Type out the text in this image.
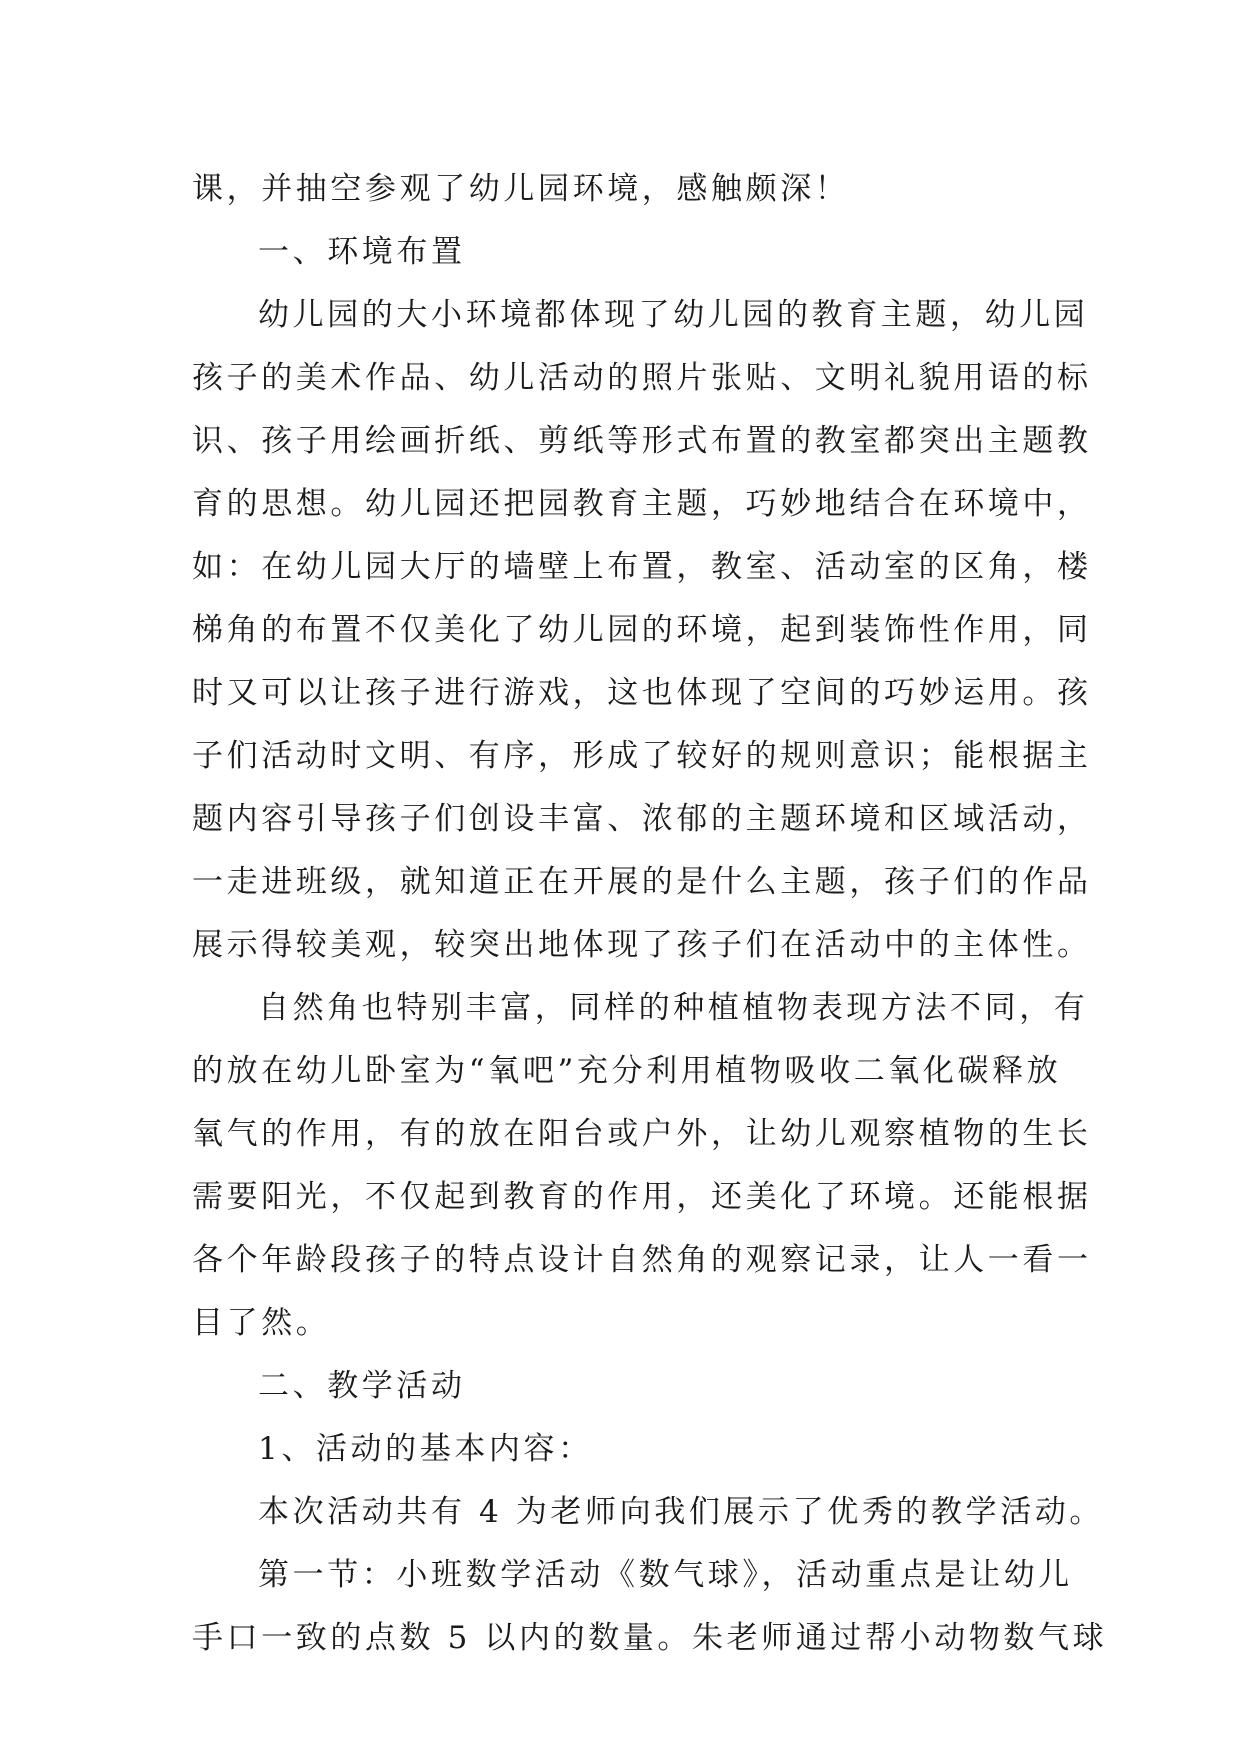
课，并抽空参观了幼儿园环境，感触颇深！
一、环境布置
幼儿园的大小环境都体现了幼儿园的教育主题，幼儿园
孩子的美术作品、幼儿活动的照片张贴、文明礼貌用语的标
识、孩子用绘画折纸、剪纸等形式布置的教室都突出主题教
育的思想。幼儿园还把园教育主题，巧妙地结合在环境中，
如：在幼儿园大厅的墙壁上布置，教室、活动室的区角，楼
梯角的布置不仅美化了幼儿园的环境，起到装饰性作用，同
时又可以让孩子进行游戏，这也体现了空间的巧妙运用。孩
子们活动时文明、有序，形成了较好的规则意识；能根据主
题内容引导孩子们创设丰富、浓郁的主题环境和区域活动，
一走进班级，就知道正在开展的是什么主题，孩子们的作品
展示得较美观，较突出地体现了孩子们在活动中的主体性。
自然角也特别丰富，同样的种植植物表现方法不同，有
的放在幼儿卧室为“氧吧”充分利用植物吸收二氧化碳释放
氧气的作用，有的放在阳台或户外，让幼儿观察植物的生长
需要阳光，不仅起到教育的作用，还美化了环境。还能根据
各个年龄段孩子的特点设计自然角的观察记录，让人一看一
目了然。
二、教学活动
1、活动的基本内容：
本次活动共有 4 为老师向我们展示了优秀的教学活动。
第一节：小班数学活动《数气球》，活动重点是让幼儿
手口一致的点数 5 以内的数量。朱老师通过帮小动物数气球
